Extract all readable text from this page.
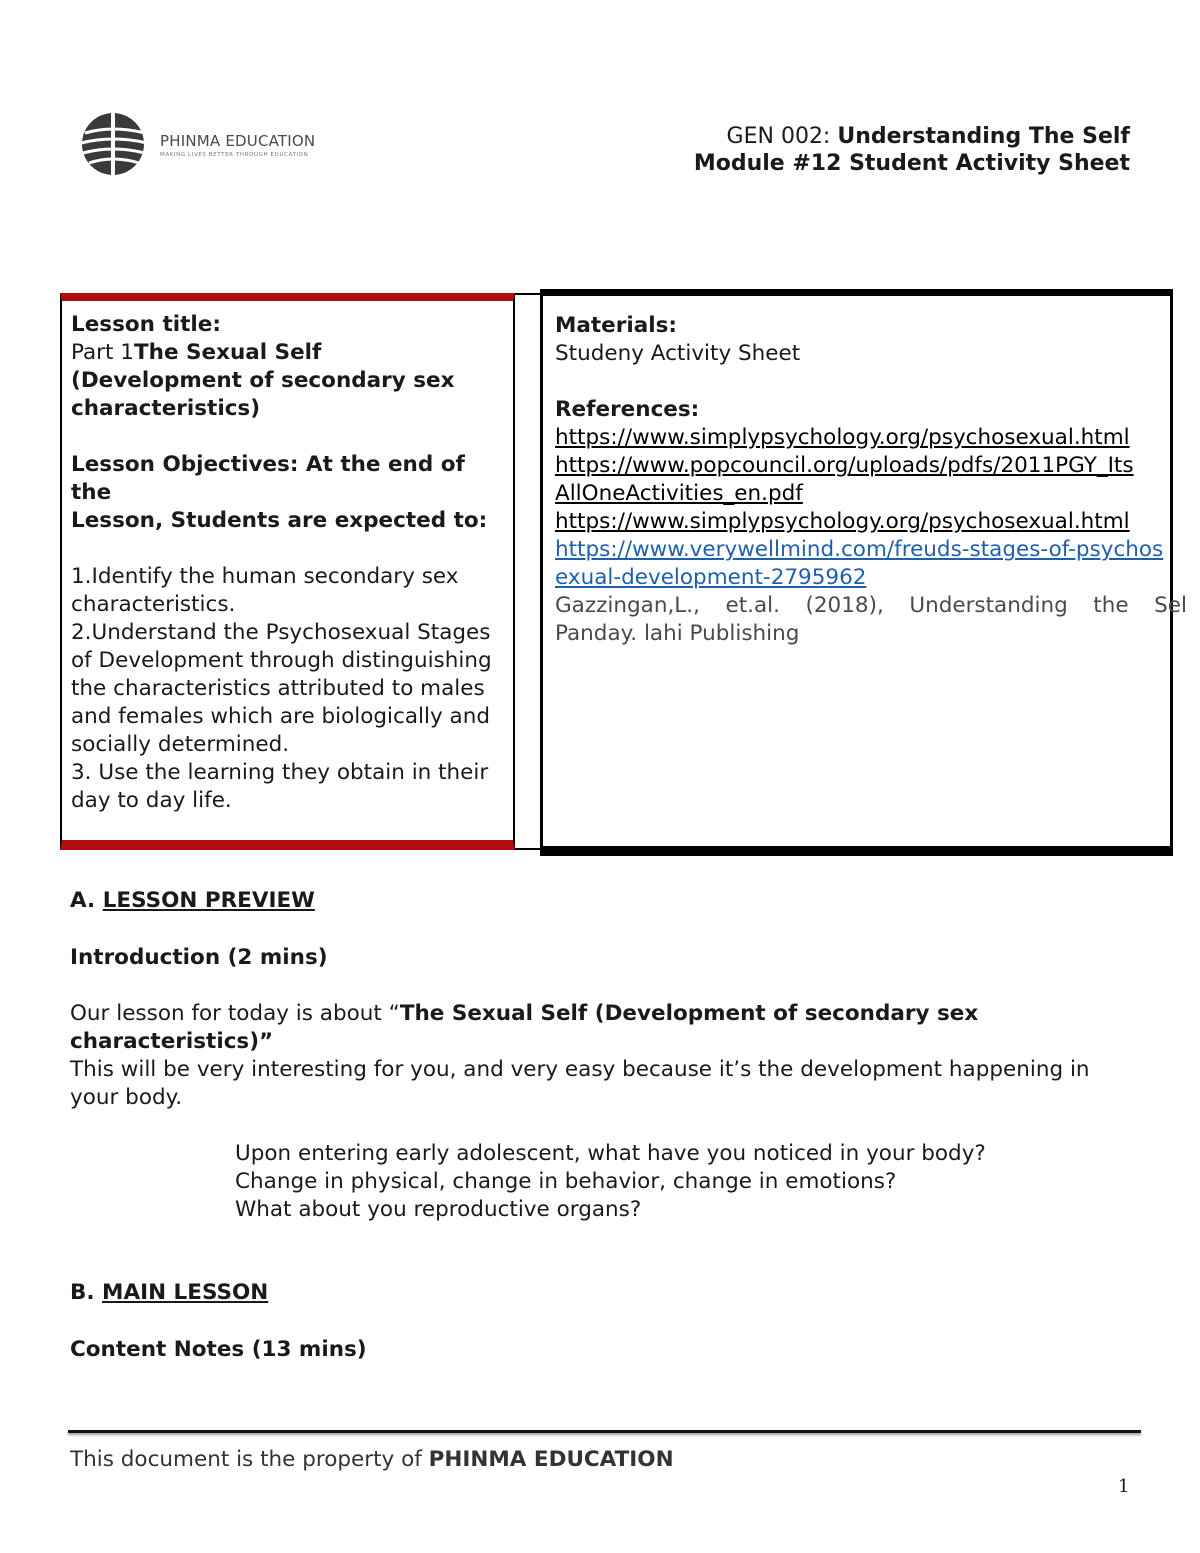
PHINMA EDUCATION
MAKING LIVES BETTER THROUGH EDUCATION
GEN 002: Understanding The Self
Module #12 Student Activity Sheet
Lesson title:
Part 1The Sexual Self
(Development of secondary sex
characteristics)
Lesson Objectives: At the end of the
Lesson, Students are expected to:
1.Identify the human secondary sex
characteristics.
2.Understand the Psychosexual Stages
of Development through distinguishing
the characteristics attributed to males
and females which are biologically and
socially determined.
3. Use the learning they obtain in their
day to day life.
Materials:
Studeny Activity Sheet
References:
https://www.simplypsychology.org/psychosexual.html
https://www.popcouncil.org/uploads/pdfs/2011PGY_Its
AllOneActivities_en.pdf
https://www.simplypsychology.org/psychosexual.html
https://www.verywellmind.com/freuds-stages-of-psychos
exual-development-2795962
Gazzingan,L., et.al. (2018), Understanding the Sel
Panday. lahi Publishing
A. LESSON PREVIEW
Introduction (2 mins)
Our lesson for today is about “The Sexual Self (Development of secondary sex
characteristics)”
This will be very interesting for you, and very easy because it’s the development happening in
your body.
Upon entering early adolescent, what have you noticed in your body?
Change in physical, change in behavior, change in emotions?
What about you reproductive organs?
B. MAIN LESSON
Content Notes (13 mins)
This document is the property of PHINMA EDUCATION
1
